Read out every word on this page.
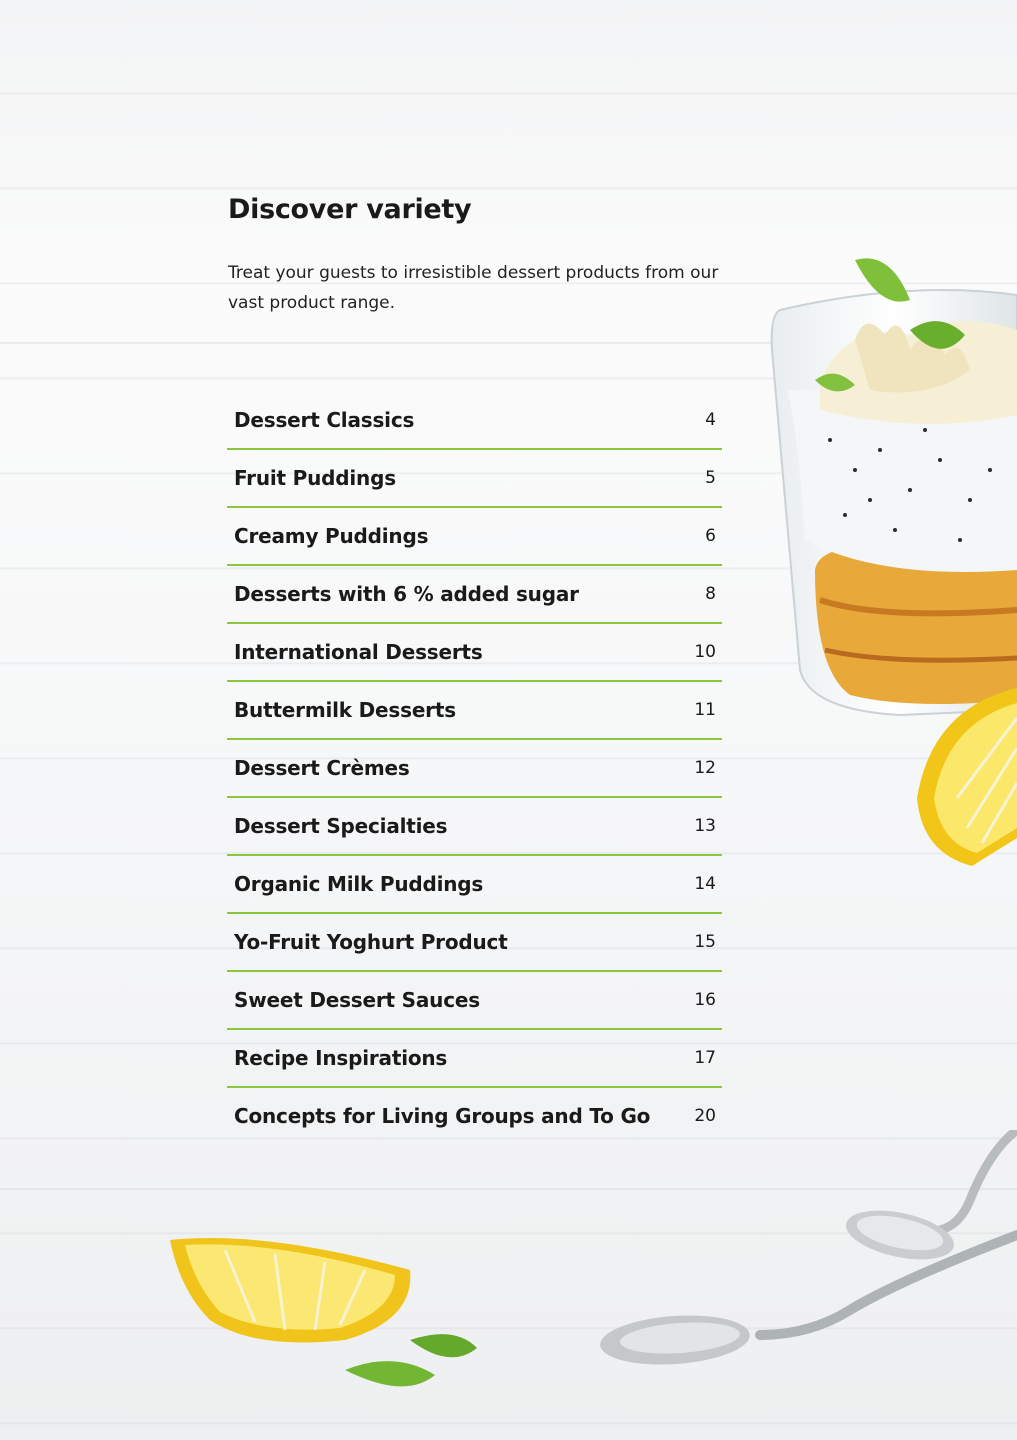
Discover variety

Treat your guests to irresistible dessert products from our vast product range.

Dessert Classics	4
Fruit Puddings	5
Creamy Puddings	6
Desserts with 6 % added sugar	8
International Desserts	10
Buttermilk Desserts	11
Dessert Crèmes	12
Dessert Specialties	13
Organic Milk Puddings	14
Yo-Fruit Yoghurt Product	15
Sweet Dessert Sauces	16
Recipe Inspirations	17
Concepts for Living Groups and To Go	20
